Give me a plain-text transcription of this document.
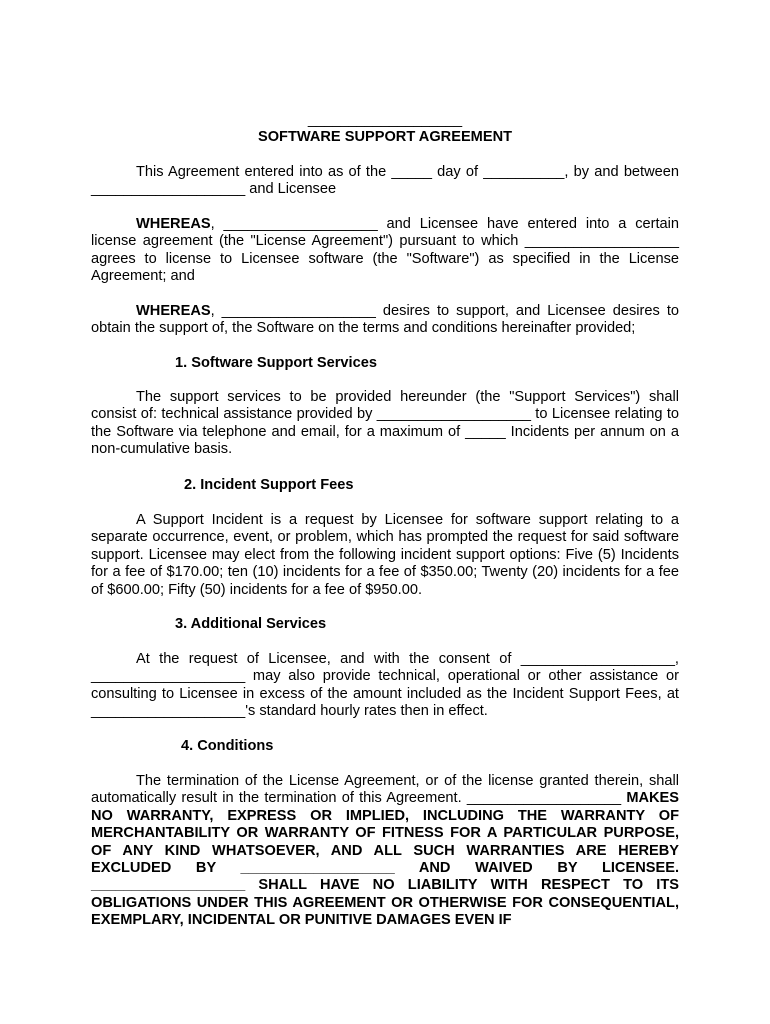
___________________
SOFTWARE SUPPORT AGREEMENT

This Agreement entered into as of the _____ day of __________, by and between ___________________ and Licensee

WHEREAS, ___________________ and Licensee have entered into a certain license agreement (the "License Agreement") pursuant to which ___________________ agrees to license to Licensee software (the "Software") as specified in the License Agreement; and

WHEREAS, ___________________ desires to support, and Licensee desires to obtain the support of, the Software on the terms and conditions hereinafter provided;

1. Software Support Services

The support services to be provided hereunder (the "Support Services") shall consist of: technical assistance provided by ___________________ to Licensee relating to the Software via telephone and email, for a maximum of _____ Incidents per annum on a non-cumulative basis.

2. Incident Support Fees

A Support Incident is a request by Licensee for software support relating to a separate occurrence, event, or problem, which has prompted the request for said software support. Licensee may elect from the following incident support options: Five (5) Incidents for a fee of $170.00; ten (10) incidents for a fee of $350.00; Twenty (20) incidents for a fee of $600.00; Fifty (50) incidents for a fee of $950.00.

3. Additional Services

At the request of Licensee, and with the consent of ___________________, ___________________ may also provide technical, operational or other assistance or consulting to Licensee in excess of the amount included as the Incident Support Fees, at ___________________'s standard hourly rates then in effect.

4. Conditions

The termination of the License Agreement, or of the license granted therein, shall automatically result in the termination of this Agreement. ___________________ MAKES NO WARRANTY, EXPRESS OR IMPLIED, INCLUDING THE WARRANTY OF MERCHANTABILITY OR WARRANTY OF FITNESS FOR A PARTICULAR PURPOSE, OF ANY KIND WHATSOEVER, AND ALL SUCH WARRANTIES ARE HEREBY EXCLUDED BY ___________________ AND WAIVED BY LICENSEE. ___________________ SHALL HAVE NO LIABILITY WITH RESPECT TO ITS OBLIGATIONS UNDER THIS AGREEMENT OR OTHERWISE FOR CONSEQUENTIAL, EXEMPLARY, INCIDENTAL OR PUNITIVE DAMAGES EVEN IF
